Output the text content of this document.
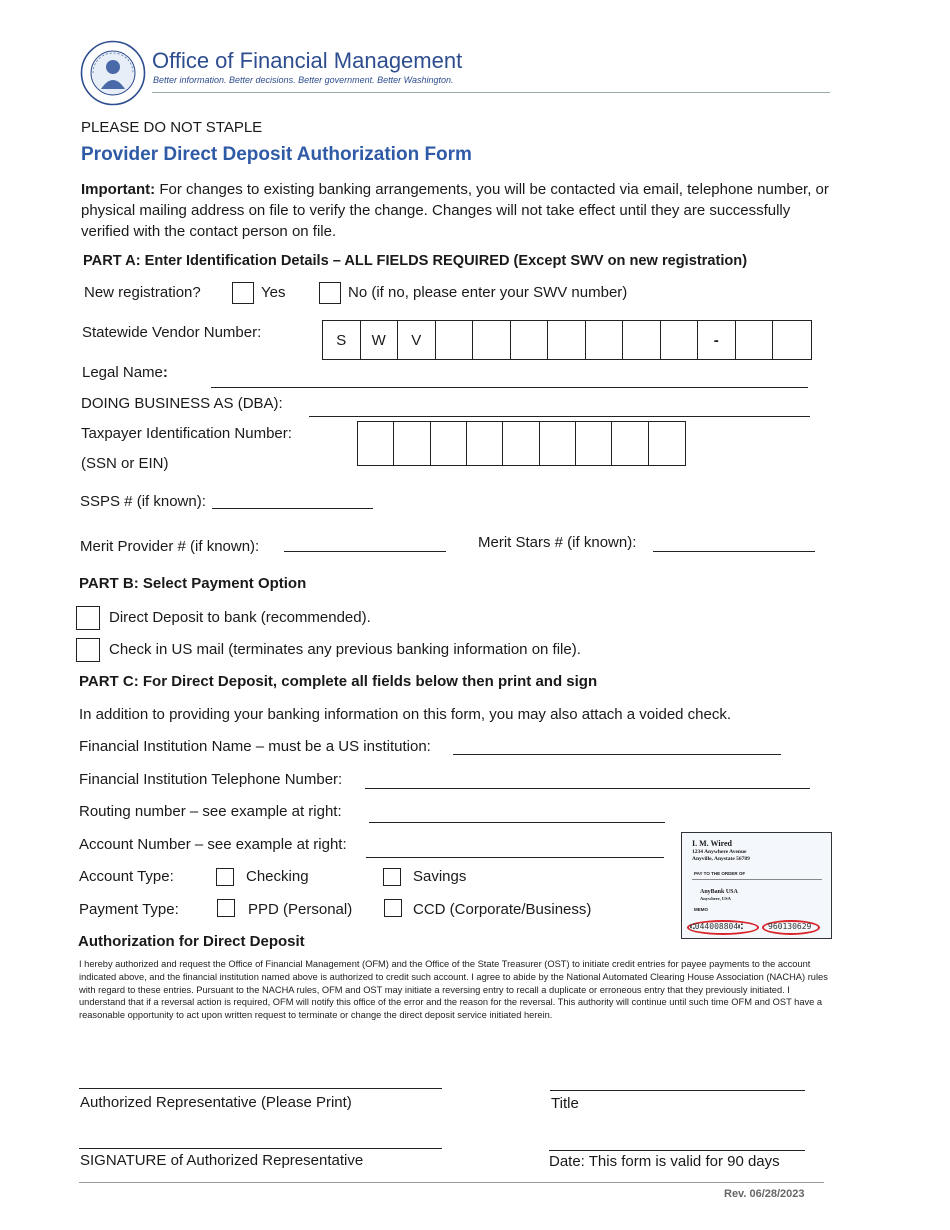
Office of Financial Management
Better information. Better decisions. Better government. Better Washington.
PLEASE DO NOT STAPLE
Provider Direct Deposit Authorization Form
Important: For changes to existing banking arrangements, you will be contacted via email, telephone number, or physical mailing address on file to verify the change. Changes will not take effect until they are successfully verified with the contact person on file.
PART A: Enter Identification Details – ALL FIELDS REQUIRED (Except SWV on new registration)
New registration?	Yes	No (if no, please enter your SWV number)
Statewide Vendor Number:	S	W	V	-
Legal Name:
DOING BUSINESS AS (DBA):
Taxpayer Identification Number:
(SSN or EIN)
SSPS # (if known):
Merit Provider # (if known):	Merit Stars # (if known):
PART B: Select Payment Option
Direct Deposit to bank (recommended).
Check in US mail (terminates any previous banking information on file).
PART C: For Direct Deposit, complete all fields below then print and sign
In addition to providing your banking information on this form, you may also attach a voided check.
Financial Institution Name – must be a US institution:
Financial Institution Telephone Number:
Routing number – see example at right:
Account Number – see example at right:
Account Type:	Checking	Savings
Payment Type:	PPD (Personal)	CCD (Corporate/Business)
I. M. Wired
1234 Anywhere Avenue
Anyville, Anystate 56789
PAY TO THE ORDER OF
AnyBank USA
Anywhere, USA
MEMO
⑆044008804⑆	960130629
Authorization for Direct Deposit
I hereby authorized and request the Office of Financial Management (OFM) and the Office of the State Treasurer (OST) to initiate credit entries for payee payments to the account indicated above, and the financial institution named above is authorized to credit such account. I agree to abide by the National Automated Clearing House Association (NACHA) rules with regard to these entries. Pursuant to the NACHA rules, OFM and OST may initiate a reversing entry to recall a duplicate or erroneous entry that they previously initiated. I understand that if a reversal action is required, OFM will notify this office of the error and the reason for the reversal. This authority will continue until such time OFM and OST have a reasonable opportunity to act upon written request to terminate or change the direct deposit service initiated herein.
Authorized Representative (Please Print)	Title
SIGNATURE of Authorized Representative	Date: This form is valid for 90 days
Rev. 06/28/2023
